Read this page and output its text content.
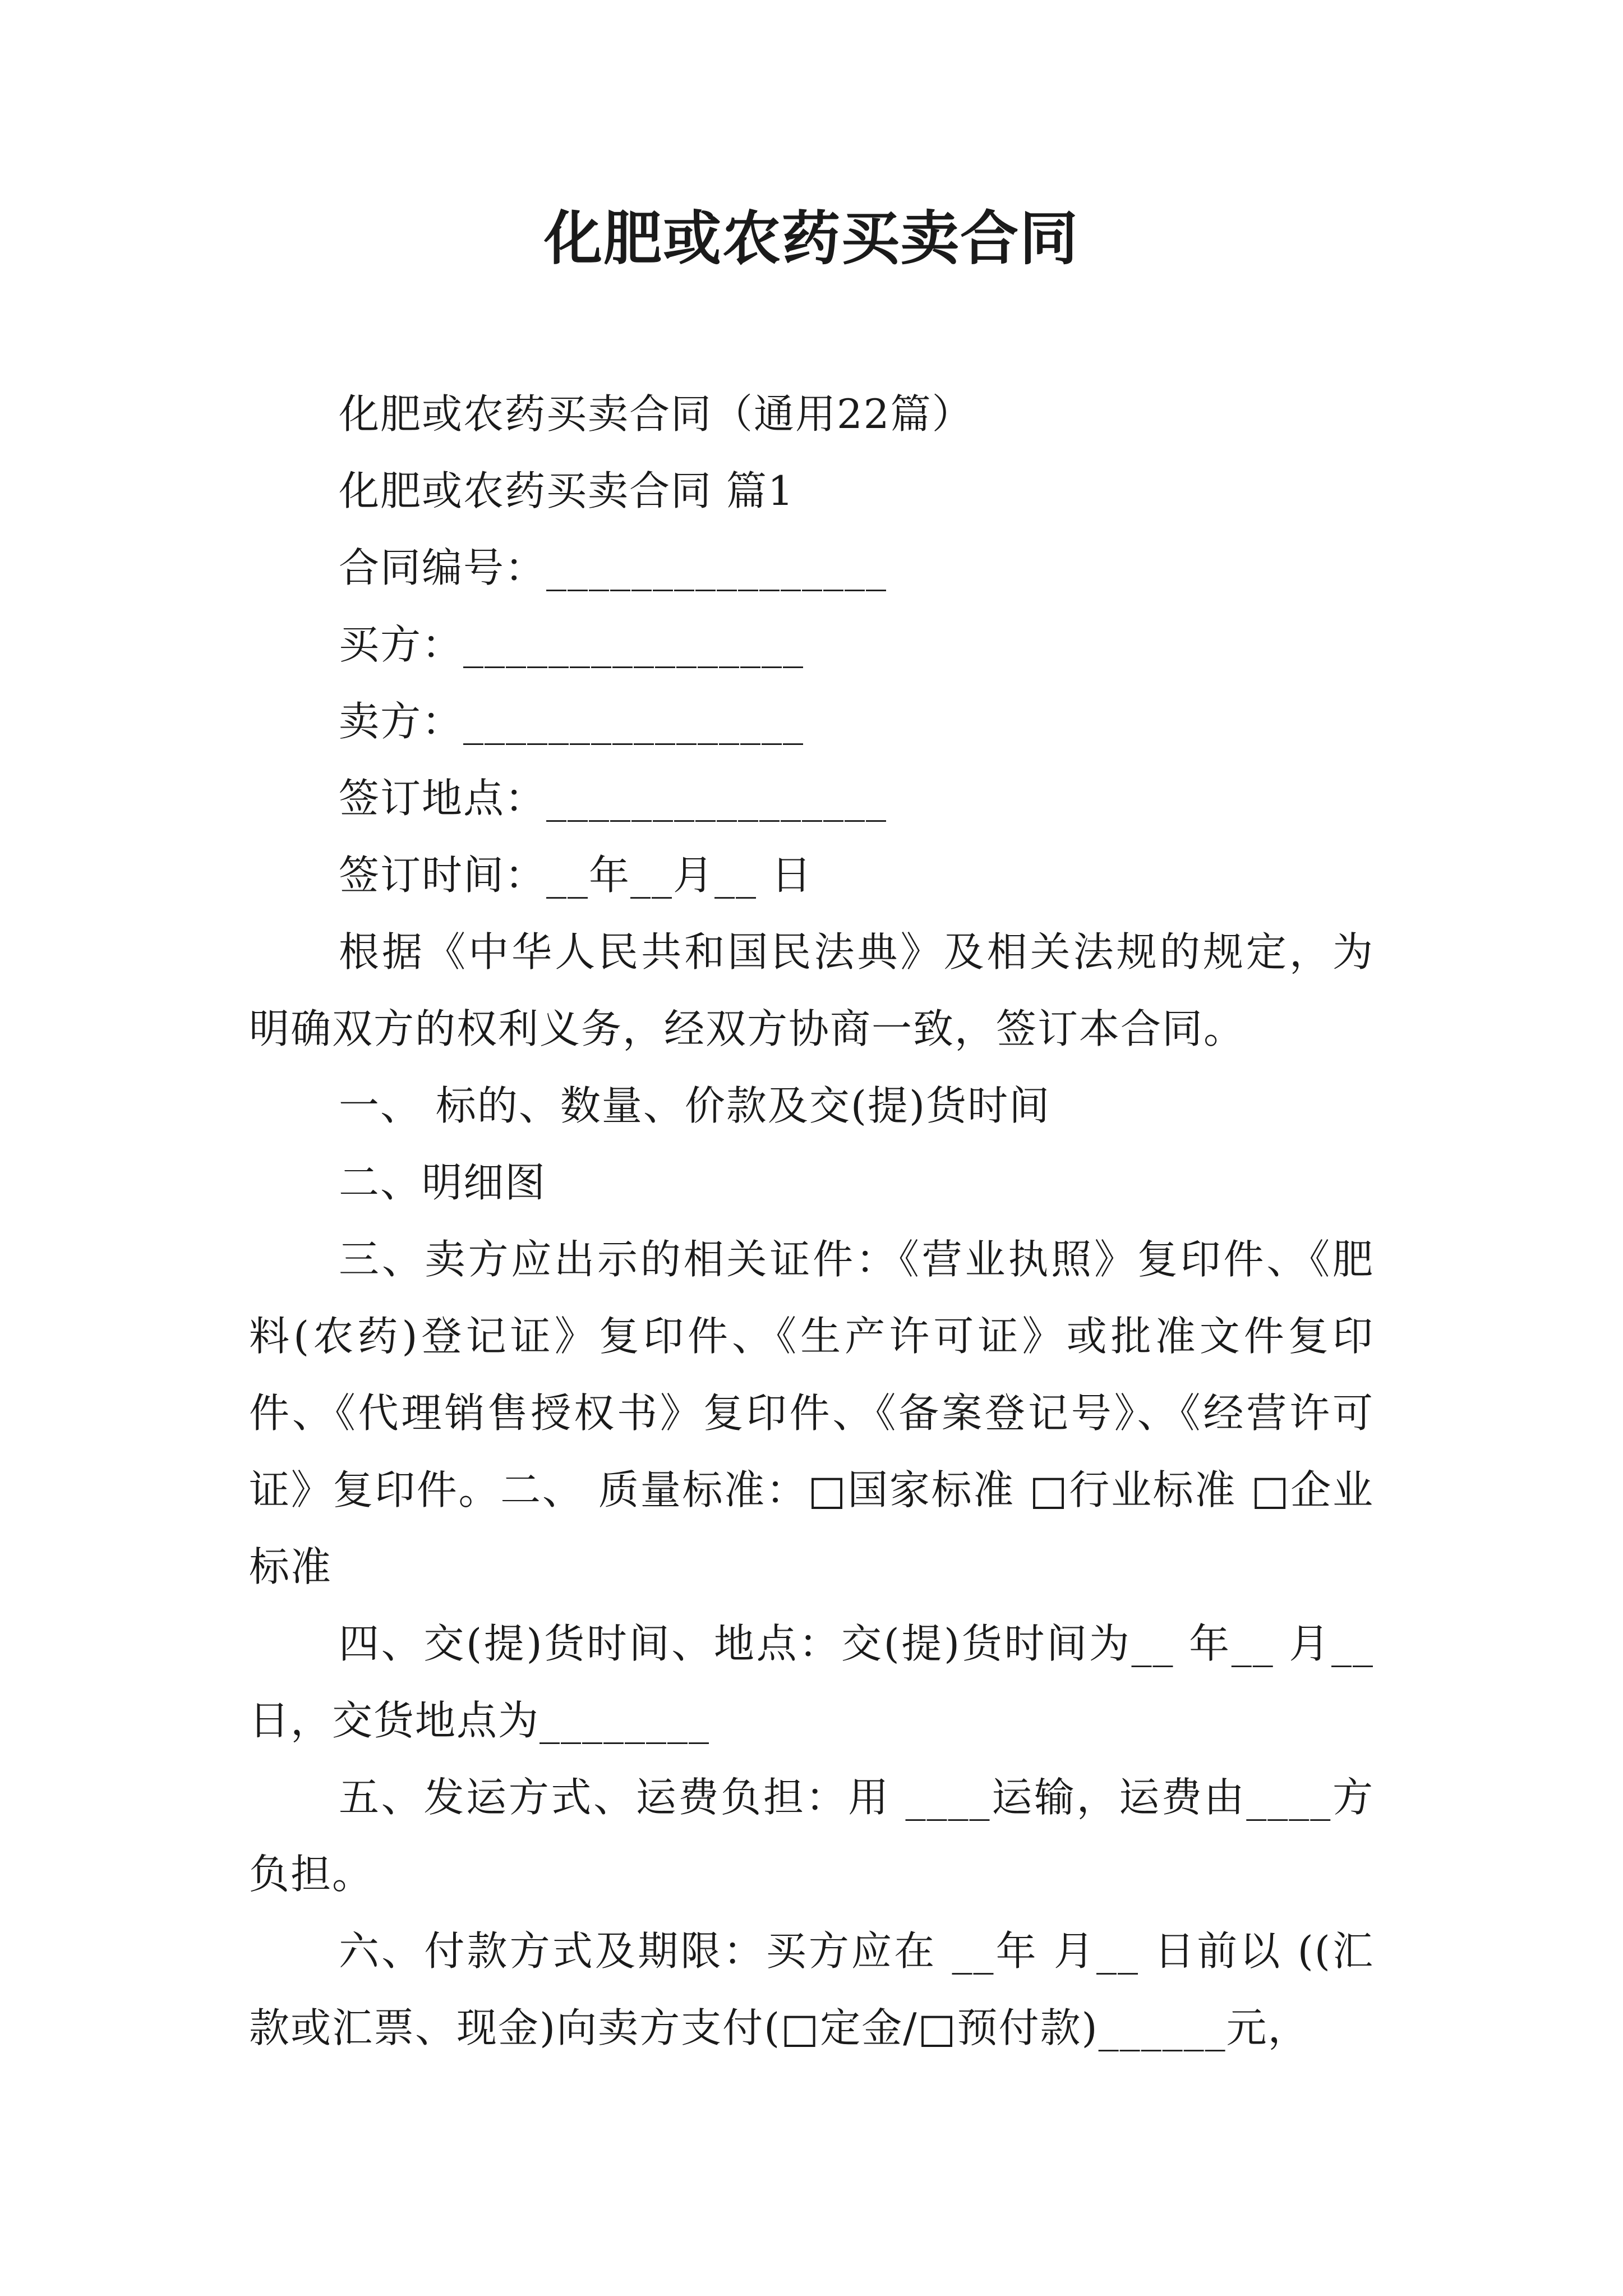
化肥或农药买卖合同

化肥或农药买卖合同（通用22篇）

化肥或农药买卖合同 篇1

合同编号：________________

买方：________________

卖方：________________

签订地点：________________

签订时间：__年__月__ 日

根据《中华人民共和国民法典》及相关法规的规定，为明确双方的权利义务，经双方协商一致，签订本合同。

一、 标的、数量、价款及交(提)货时间

二、明细图

三、卖方应出示的相关证件：《营业执照》复印件、《肥料(农药)登记证》复印件、《生产许可证》或批准文件复印件、《代理销售授权书》复印件、《备案登记号》、《经营许可证》复印件。二、 质量标准：□国家标准 □行业标准 □企业标准

四、交(提)货时间、地点：交(提)货时间为__ 年__ 月__日，交货地点为________

五、发运方式、运费负担：用 ____运输，运费由____方负担。

六、付款方式及期限：买方应在 __年 月__ 日前以 ((汇款或汇票、现金)向卖方支付(□定金/□预付款)______元，
